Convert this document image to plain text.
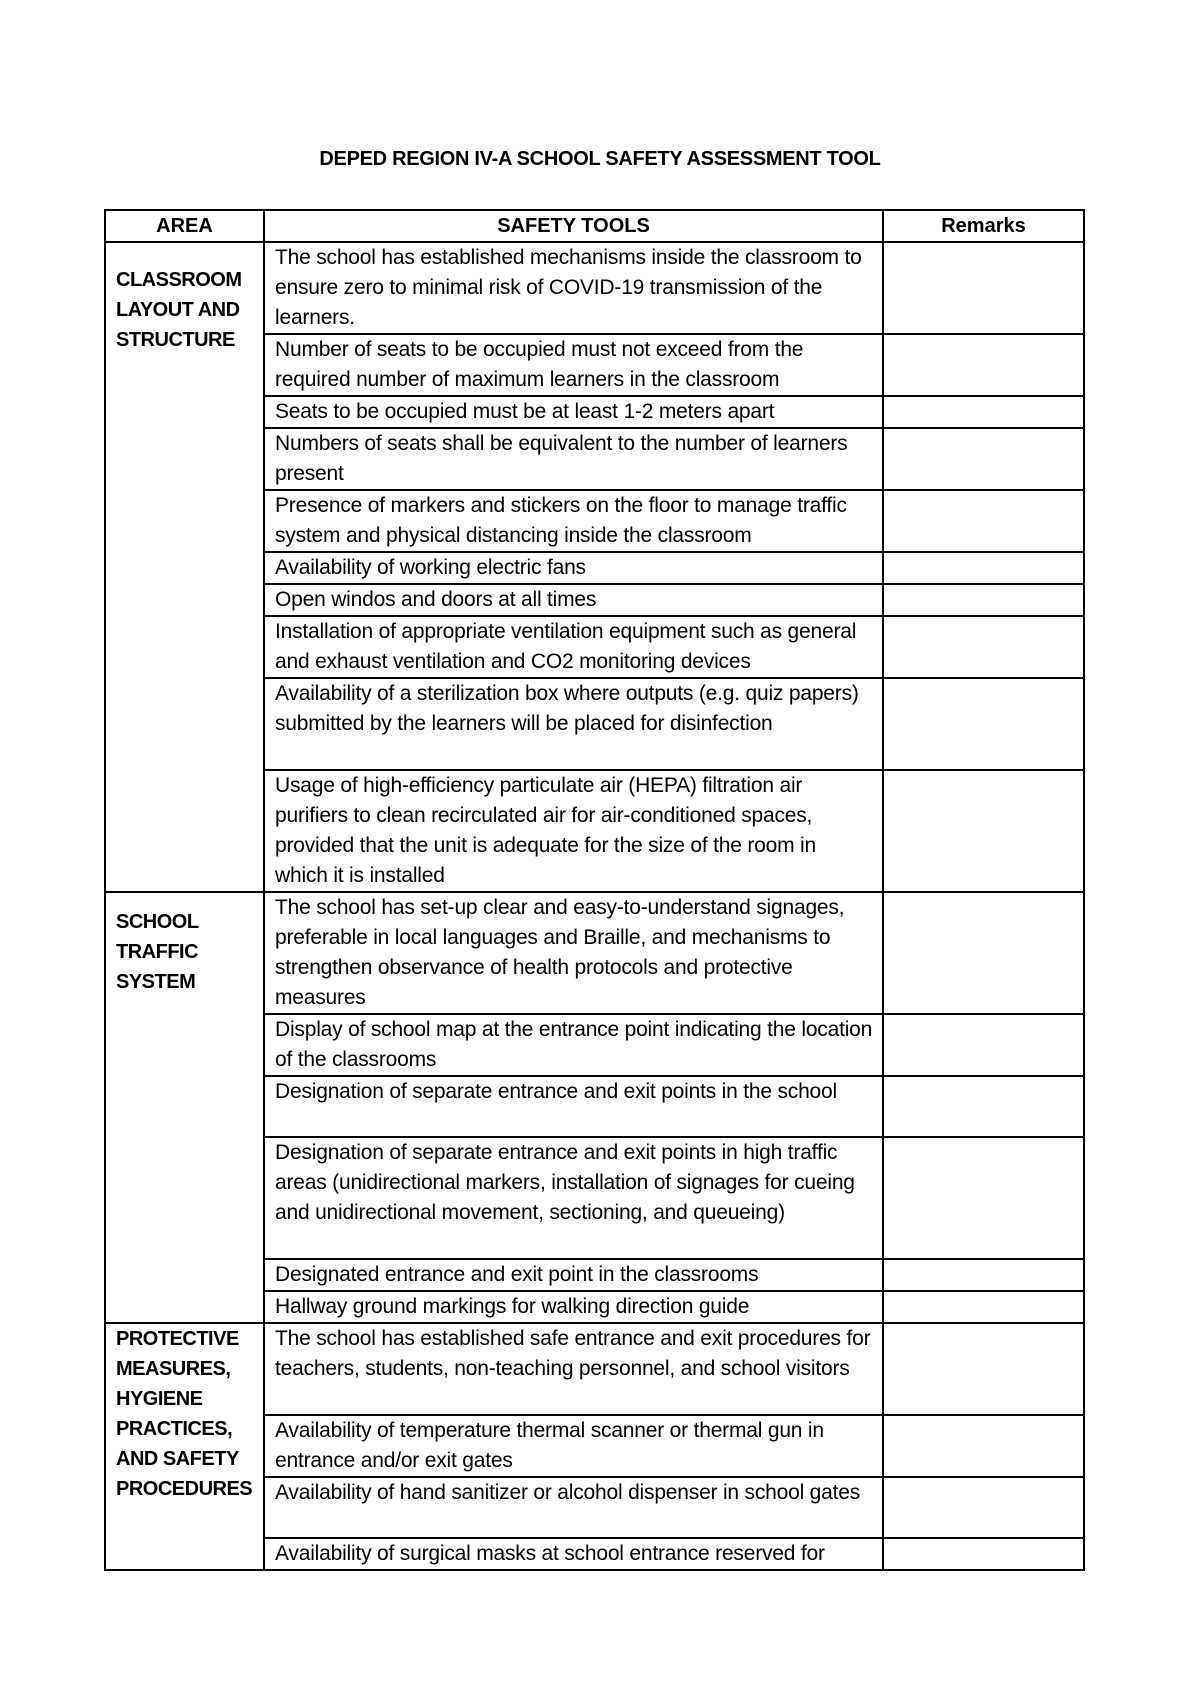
DEPED REGION IV-A SCHOOL SAFETY ASSESSMENT TOOL
AREA	SAFETY TOOLS	Remarks
CLASSROOM LAYOUT AND STRUCTURE	The school has established mechanisms inside the classroom to ensure zero to minimal risk of COVID-19 transmission of the learners.	
	Number of seats to be occupied must not exceed from the required number of maximum learners in the classroom	
	Seats to be occupied must be at least 1-2 meters apart	
	Numbers of seats shall be equivalent to the number of learners present	
	Presence of markers and stickers on the floor to manage traffic system and physical distancing inside the classroom	
	Availability of working electric fans	
	Open windos and doors at all times	
	Installation of appropriate ventilation equipment such as general and exhaust ventilation and CO2 monitoring devices	
	Availability of a sterilization box where outputs (e.g. quiz papers) submitted by the learners will be placed for disinfection	
	Usage of high-efficiency particulate air (HEPA) filtration air purifiers to clean recirculated air for air-conditioned spaces, provided that the unit is adequate for the size of the room in which it is installed	
SCHOOL TRAFFIC SYSTEM	The school has set-up clear and easy-to-understand signages, preferable in local languages and Braille, and mechanisms to strengthen observance of health protocols and protective measures	
	Display of school map at the entrance point indicating the location of the classrooms	
	Designation of separate entrance and exit points in the school	
	Designation of separate entrance and exit points in high traffic areas (unidirectional markers, installation of signages for cueing and unidirectional movement, sectioning, and queueing)	
	Designated entrance and exit point in the classrooms	
	Hallway ground markings for walking direction guide	
PROTECTIVE MEASURES, HYGIENE PRACTICES, AND SAFETY PROCEDURES	The school has established safe entrance and exit procedures for teachers, students, non-teaching personnel, and school visitors	
	Availability of temperature thermal scanner or thermal gun in entrance and/or exit gates	
	Availability of hand sanitizer or alcohol dispenser in school gates	
	Availability of surgical masks at school entrance reserved for	
